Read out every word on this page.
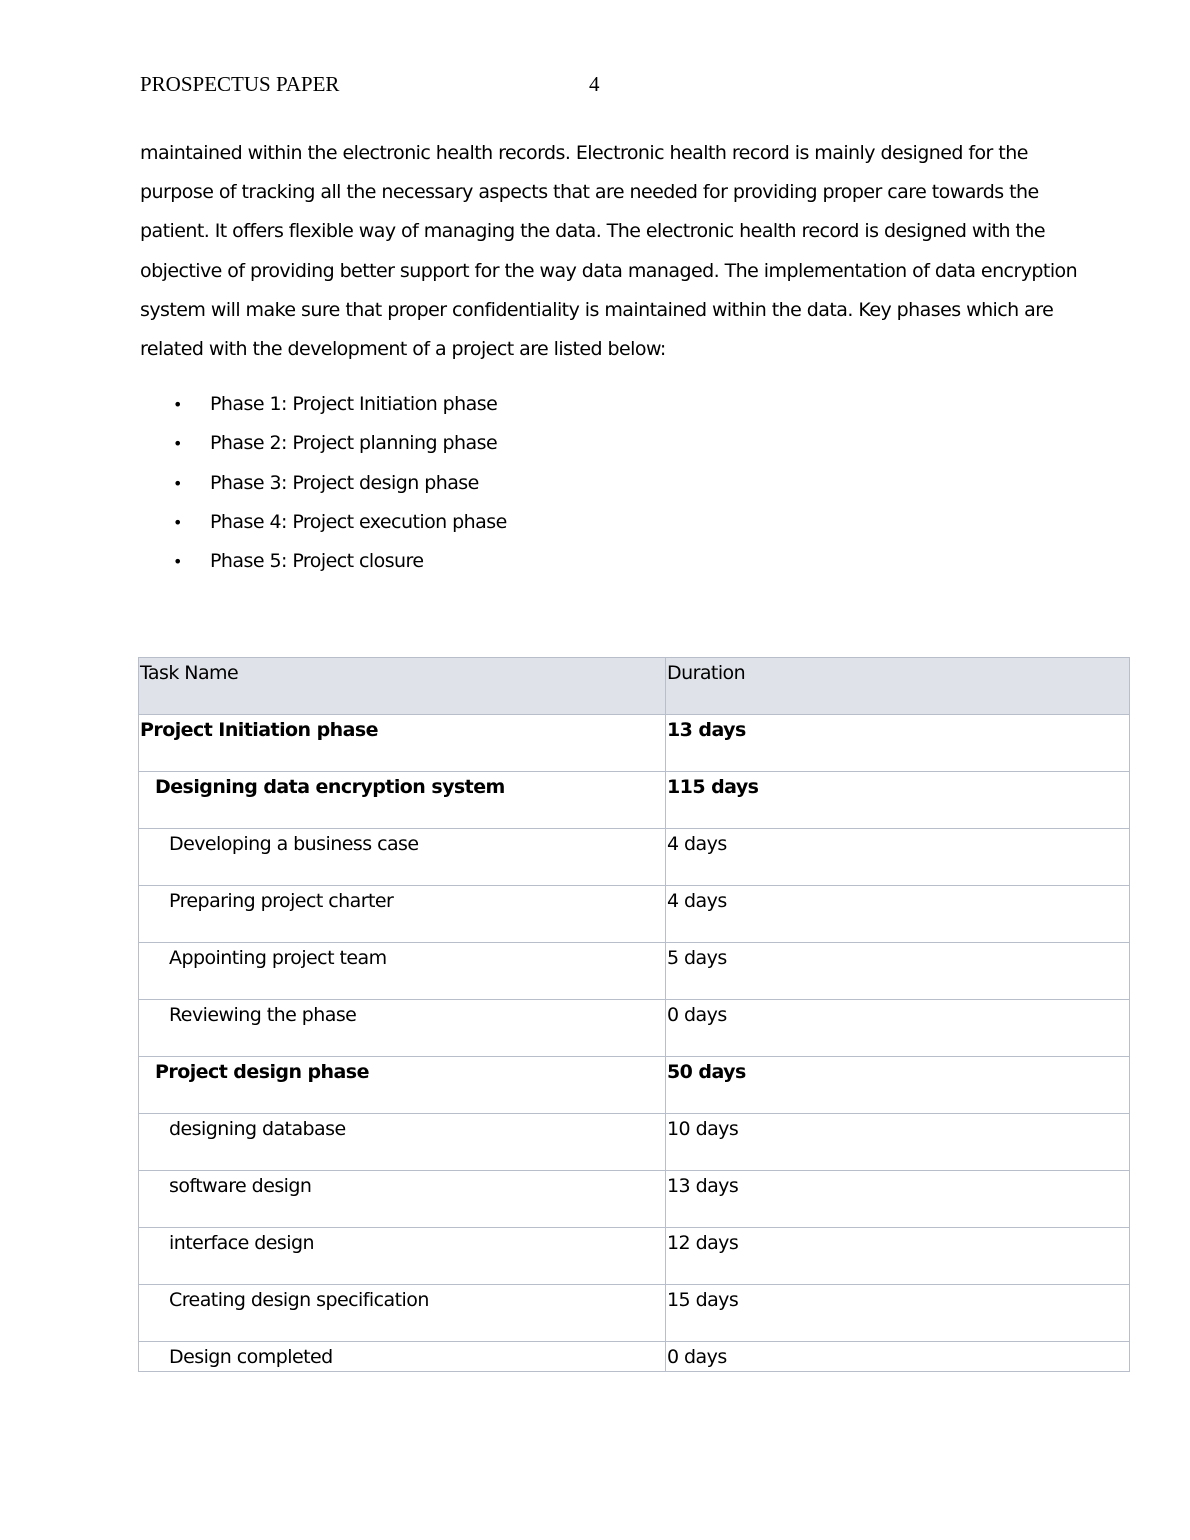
PROSPECTUS PAPER	4

maintained within the electronic health records. Electronic health record is mainly designed for the
purpose of tracking all the necessary aspects that are needed for providing proper care towards the
patient. It offers flexible way of managing the data. The electronic health record is designed with the
objective of providing better support for the way data managed. The implementation of data encryption
system will make sure that proper confidentiality is maintained within the data. Key phases which are
related with the development of a project are listed below:

• Phase 1: Project Initiation phase
• Phase 2: Project planning phase
• Phase 3: Project design phase
• Phase 4: Project execution phase
• Phase 5: Project closure
Task Name	Duration
Project Initiation phase	13 days
Designing data encryption system	115 days
Developing a business case	4 days
Preparing project charter	4 days
Appointing project team	5 days
Reviewing the phase	0 days
Project design phase	50 days
designing database	10 days
software design	13 days
interface design	12 days
Creating design specification	15 days
Design completed	0 days
